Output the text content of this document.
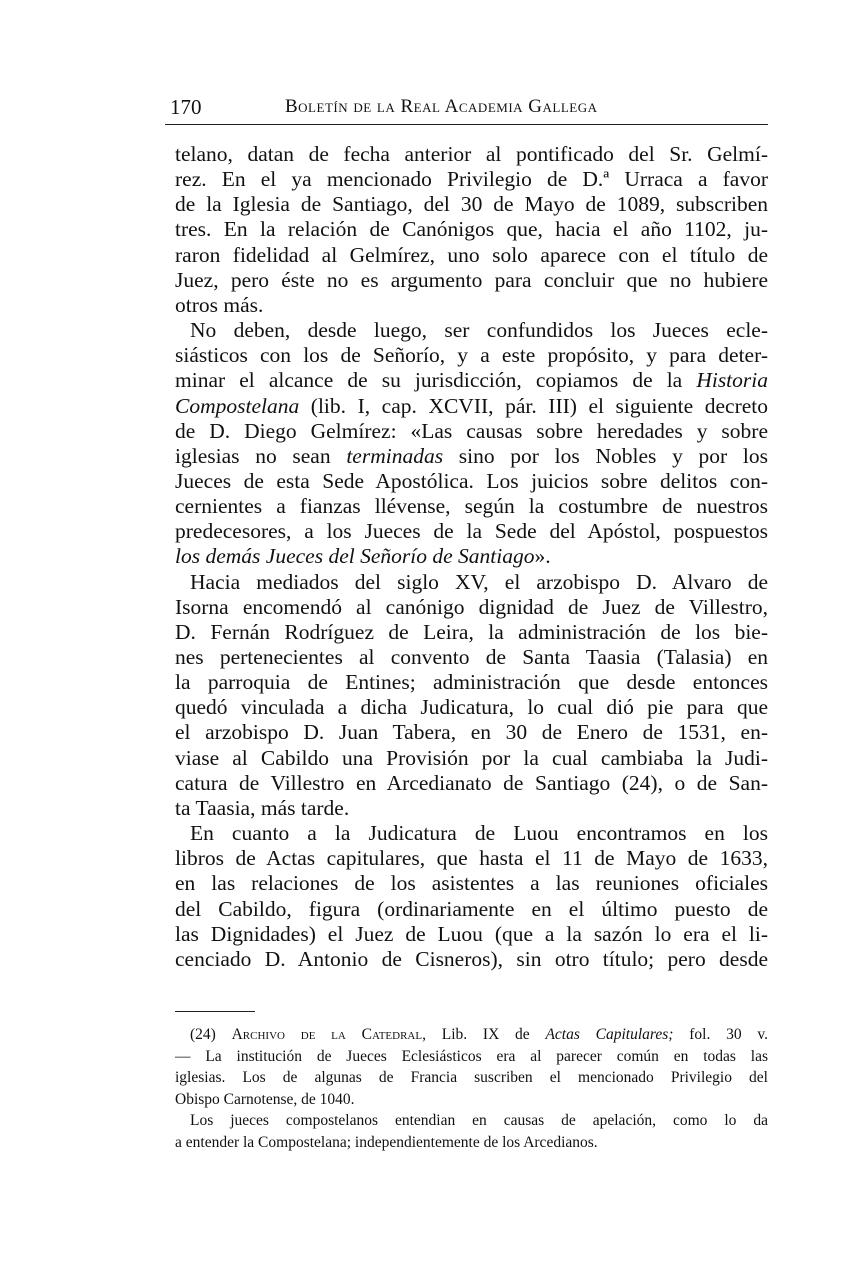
170	Boletín de la Real Academia Gallega
telano, datan de fecha anterior al pontificado del Sr. Gelmí-
rez. En el ya mencionado Privilegio de D.ª Urraca a favor
de la Iglesia de Santiago, del 30 de Mayo de 1089, subscriben
tres. En la relación de Canónigos que, hacia el año 1102, ju-
raron fidelidad al Gelmírez, uno solo aparece con el título de
Juez, pero éste no es argumento para concluir que no hubiere
otros más.
No deben, desde luego, ser confundidos los Jueces ecle-
siásticos con los de Señorío, y a este propósito, y para deter-
minar el alcance de su jurisdicción, copiamos de la Historia
Compostelana (lib. I, cap. XCVII, pár. III) el siguiente decreto
de D. Diego Gelmírez: «Las causas sobre heredades y sobre
iglesias no sean terminadas sino por los Nobles y por los
Jueces de esta Sede Apostólica. Los juicios sobre delitos con-
cernientes a fianzas llévense, según la costumbre de nuestros
predecesores, a los Jueces de la Sede del Apóstol, pospuestos
los demás Jueces del Señorío de Santiago».
Hacia mediados del siglo XV, el arzobispo D. Alvaro de
Isorna encomendó al canónigo dignidad de Juez de Villestro,
D. Fernán Rodríguez de Leira, la administración de los bie-
nes pertenecientes al convento de Santa Taasia (Talasia) en
la parroquia de Entines; administración que desde entonces
quedó vinculada a dicha Judicatura, lo cual dió pie para que
el arzobispo D. Juan Tabera, en 30 de Enero de 1531, en-
viase al Cabildo una Provisión por la cual cambiaba la Judi-
catura de Villestro en Arcedianato de Santiago (24), o de San-
ta Taasia, más tarde.
En cuanto a la Judicatura de Luou encontramos en los
libros de Actas capitulares, que hasta el 11 de Mayo de 1633,
en las relaciones de los asistentes a las reuniones oficiales
del Cabildo, figura (ordinariamente en el último puesto de
las Dignidades) el Juez de Luou (que a la sazón lo era el li-
cenciado D. Antonio de Cisneros), sin otro título; pero desde
(24) Archivo de la Catedral, Lib. IX de Actas Capitulares; fol. 30 v.
— La institución de Jueces Eclesiásticos era al parecer común en todas las
iglesias. Los de algunas de Francia suscriben el mencionado Privilegio del
Obispo Carnotense, de 1040.
Los jueces compostelanos entendian en causas de apelación, como lo da
a entender la Compostelana; independientemente de los Arcedianos.
